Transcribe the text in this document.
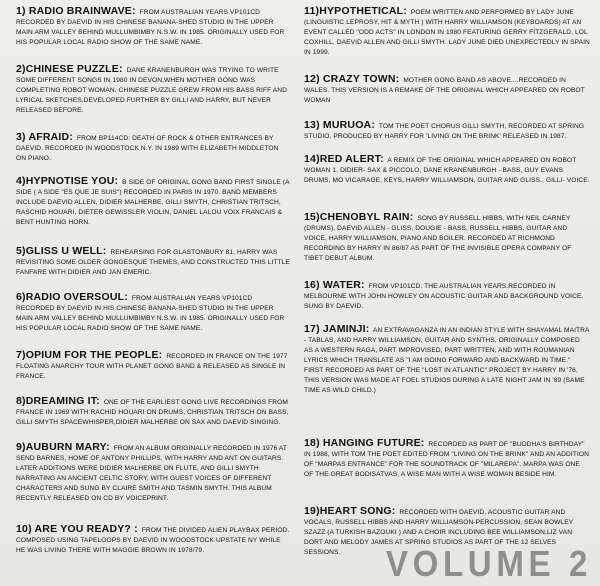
1) RADIO BRAINWAVE: FROM AUSTRALIAN YEARS VP101CD RECORDED BY DAEVID IN HIS CHINESE BANANA-SHED STUDIO IN THE UPPER MAIN ARM VALLEY BEHIND MULLUMBIMBY N.S.W. IN 1985. ORIGINALLY USED FOR HIS POPULAR LOCAL RADIO SHOW OF THE SAME NAME.

2)CHINESE PUZZLE: DANE KRANENBURGH WAS TRYING TO WRITE SOME DIFFERENT SONGS IN 1980 IN DEVON,WHEN MOTHER GONG WAS COMPLETING ROBOT WOMAN. CHINESE PUZZLE GREW FROM HIS BASS RIFF AND LYRICAL SKETCHES,DEVELOPED FURTHER BY GILLI AND HARRY, BUT NEVER RELEASED BEFORE.

3) AFRAID: FROM BP114CD: DEATH OF ROCK & OTHER ENTRANCES BY DAEVID. RECORDED IN WOODSTOCK N.Y. IN 1989 WITH ELIZABETH MIDDLETON ON PIANO.

4)HYPNOTISE YOU: B SIDE OF ORIGINAL GONG BAND FIRST SINGLE (A SIDE ( A SIDE "ES QUE JE SUIS") RECORDED IN PARIS IN 1970. BAND MEMBERS INCLUDE DAEVID ALLEN, DIDIER MALHERBE, GILLI SMYTH, CHRISTIAN TRITSCH, RASCHID HOUARI, DIETER GEWISSLER VIOLIN, DANIEL LALOU VOIX FRANCAIS & BENT HUNTING HORN.

5)GLISS U WELL: REHEARSING FOR GLASTONBURY 81, HARRY WAS REVISITING SOME OLDER GONGESQUE THEMES, AND CONSTRUCTED THIS LITTLE FANFARE WITH DIDIER AND JAN EMERIC.

6)RADIO OVERSOUL: FROM AUSTRALIAN YEARS VP101CD RECORDED BY DAEVID IN HIS CHINESE BANANA-SHED STUDIO IN THE UPPER MAIN ARM VALLEY BEHIND MULLUMBIMBY N.S.W. IN 1985. ORIGINALLY USED FOR HIS POPULAR LOCAL RADIO SHOW OF THE SAME NAME.

7)OPIUM FOR THE PEOPLE: RECORDED IN FRANCE ON THE 1977 FLOATING ANARCHY TOUR WITH PLANET GONG BAND & RELEASED AS SINGLE IN FRANCE.

8)DREAMING IT: ONE OF THE EARLIEST GONG LIVE RECORDINGS FROM FRANCE IN 1969 WITH RACHID HOUARI ON DRUMS, CHRISTIAN TRITSCH ON BASS, GILLI SMYTH SPACEWHISPER,DIDIER MALHERBE ON SAX AND DAEVID SINGING.

9)AUBURN MARY: FROM AN ALBUM ORIGINALLY RECORDED IN 1976 AT SEND BARNES, HOME OF ANTONY PHILLIPS, WITH HARRY AND ANT ON GUITARS. LATER ADDITIONS WERE DIDIER MALHERBE ON FLUTE, AND GILLI SMYTH NARRATING AN ANCIENT CELTIC STORY, WITH GUEST VOICES OF DIFFERENT CHARACTERS AND SUNG BY CLAIRE SMITH AND TASMIN SMYTH. THIS ALBUM RECENTLY RELEASED ON CD BY VOICEPRINT.

10) ARE YOU READY? : FROM THE DIVIDED ALIEN PLAYBAX PERIOD. COMPOSED USING TAPELOOPS BY DAEVID IN WOODSTOCK UPSTATE NY WHILE HE WAS LIVING THERE WITH MAGGIE BROWN IN 1978/79.

11)HYPOTHETICAL: POEM WRITTEN AND PERFORMED BY LADY JUNE (LINGUISTIC LEPROSY, HIT & MYTH ) WITH HARRY WILLIAMSON (KEYBOARDS) AT AN EVENT CALLED "ODD ACTS" IN LONDON IN 1980 FEATURING GERRY FITZGERALD, LOL COXHILL, DAEVID ALLEN AND GILLI SMYTH. LADY JUNE DIED UNEXPECTEDLY IN SPAIN IN 1999.

12) CRAZY TOWN: MOTHER GONG BAND AS ABOVE....RECORDED IN WALES. THIS VERSION IS A REMAKE OF THE ORIGINAL WHICH APPEARED ON ROBOT WOMAN

13) MURUOA: TOM THE POET CHORUS GILLI SMYTH, RECORDED AT SPRING STUDIO, PRODUCED BY HARRY FOR 'LIVING ON THE BRINK' RELEASED IN 1987.

14)RED ALERT: A REMIX OF THE ORIGINAL WHICH APPEARED ON ROBOT WOMAN 1. DIDIER- SAX & PICCOLO, DANE KRANENBURGH - BASS, GUY EVANS DRUMS, MO VICARAGE, KEYS, HARRY WILLIAMSON, GUITAR AND GLISS., GILLI- VOICE.

15)CHENOBYL RAIN: SONG BY RUSSELL HIBBS, WITH NEIL CARNEY (DRUMS), DAEVID ALLEN - GLISS, DOUGIE - BASS, RUSSELL HIBBS, GUITAR AND VOICE, HARRY WILLIAMSON, PIANO AND BOILER. RECORDED AT RICHMOND RECORDING BY HARRY IN 86/87 AS PART OF THE INVISIBLE OPERA COMPANY OF TIBET DEBUT ALBUM.

16) WATER: FROM VP101CD. THE AUSTRALIAN YEARS.RECORDED IN MELBOURNE WITH JOHN HOWLEY ON ACOUSTIC GUITAR AND BACKGROUND VOICE. SUNG BY DAEVID.

17) JAMINJI: AN EXTRAVAGANZA IN AN INDIAN STYLE WITH SHAYAMAL MAITRA - TABLAS, AND HARRY WILLIAMSON, GUITAR AND SYNTHS, ORIGINALLY COMPOSED AS A WESTERN RAGA, PART IMPROVISED, PART WRITTEN, AND WITH ROUMANIAN LYRICS WHICH TRANSLATE AS "I AM GOING FORWARD AND BACKWARD IN TIME." FIRST RECORDED AS PART OF THE "LOST IN ATLANTIC" PROJECT BY HARRY IN '76, THIS VERSION WAS MADE AT FOEL STUDIOS DURING A LATE NIGHT JAM IN '89 (SAME TIME AS WILD CHILD.)

18) HANGING FUTURE: RECORDED AS PART OF "BUDDHA'S BIRTHDAY" IN 1988, WITH TOM THE POET EDITED FROM "LIVING ON THE BRINK" AND AN ADDITION OF "MARPAS ENTRANCE" FOR THE SOUNDTRACK OF "MILAREPA". MARPA WAS ONE OF THE GREAT BODISATVAS, A WISE MAN WITH A WISE WOMAN BESIDE HIM.

19)HEART SONG: RECORDED WITH DAEVID, ACOUSTIC GUITAR AND VOCALS, RUSSELL HIBBS AND HARRY WILLIAMSON-PERCUSSION, SEAN BOWLEY SZAZZ (A TURKISH BAZOUKI ) AND A CHOIR INCLUDING BEE WILLIAMSON,LIZ VAN DORT AND MELODY JAMES AT SPRING STUDIOS AS PART OF THE 12 SELVES SESSIONS.	VOLUME 2
